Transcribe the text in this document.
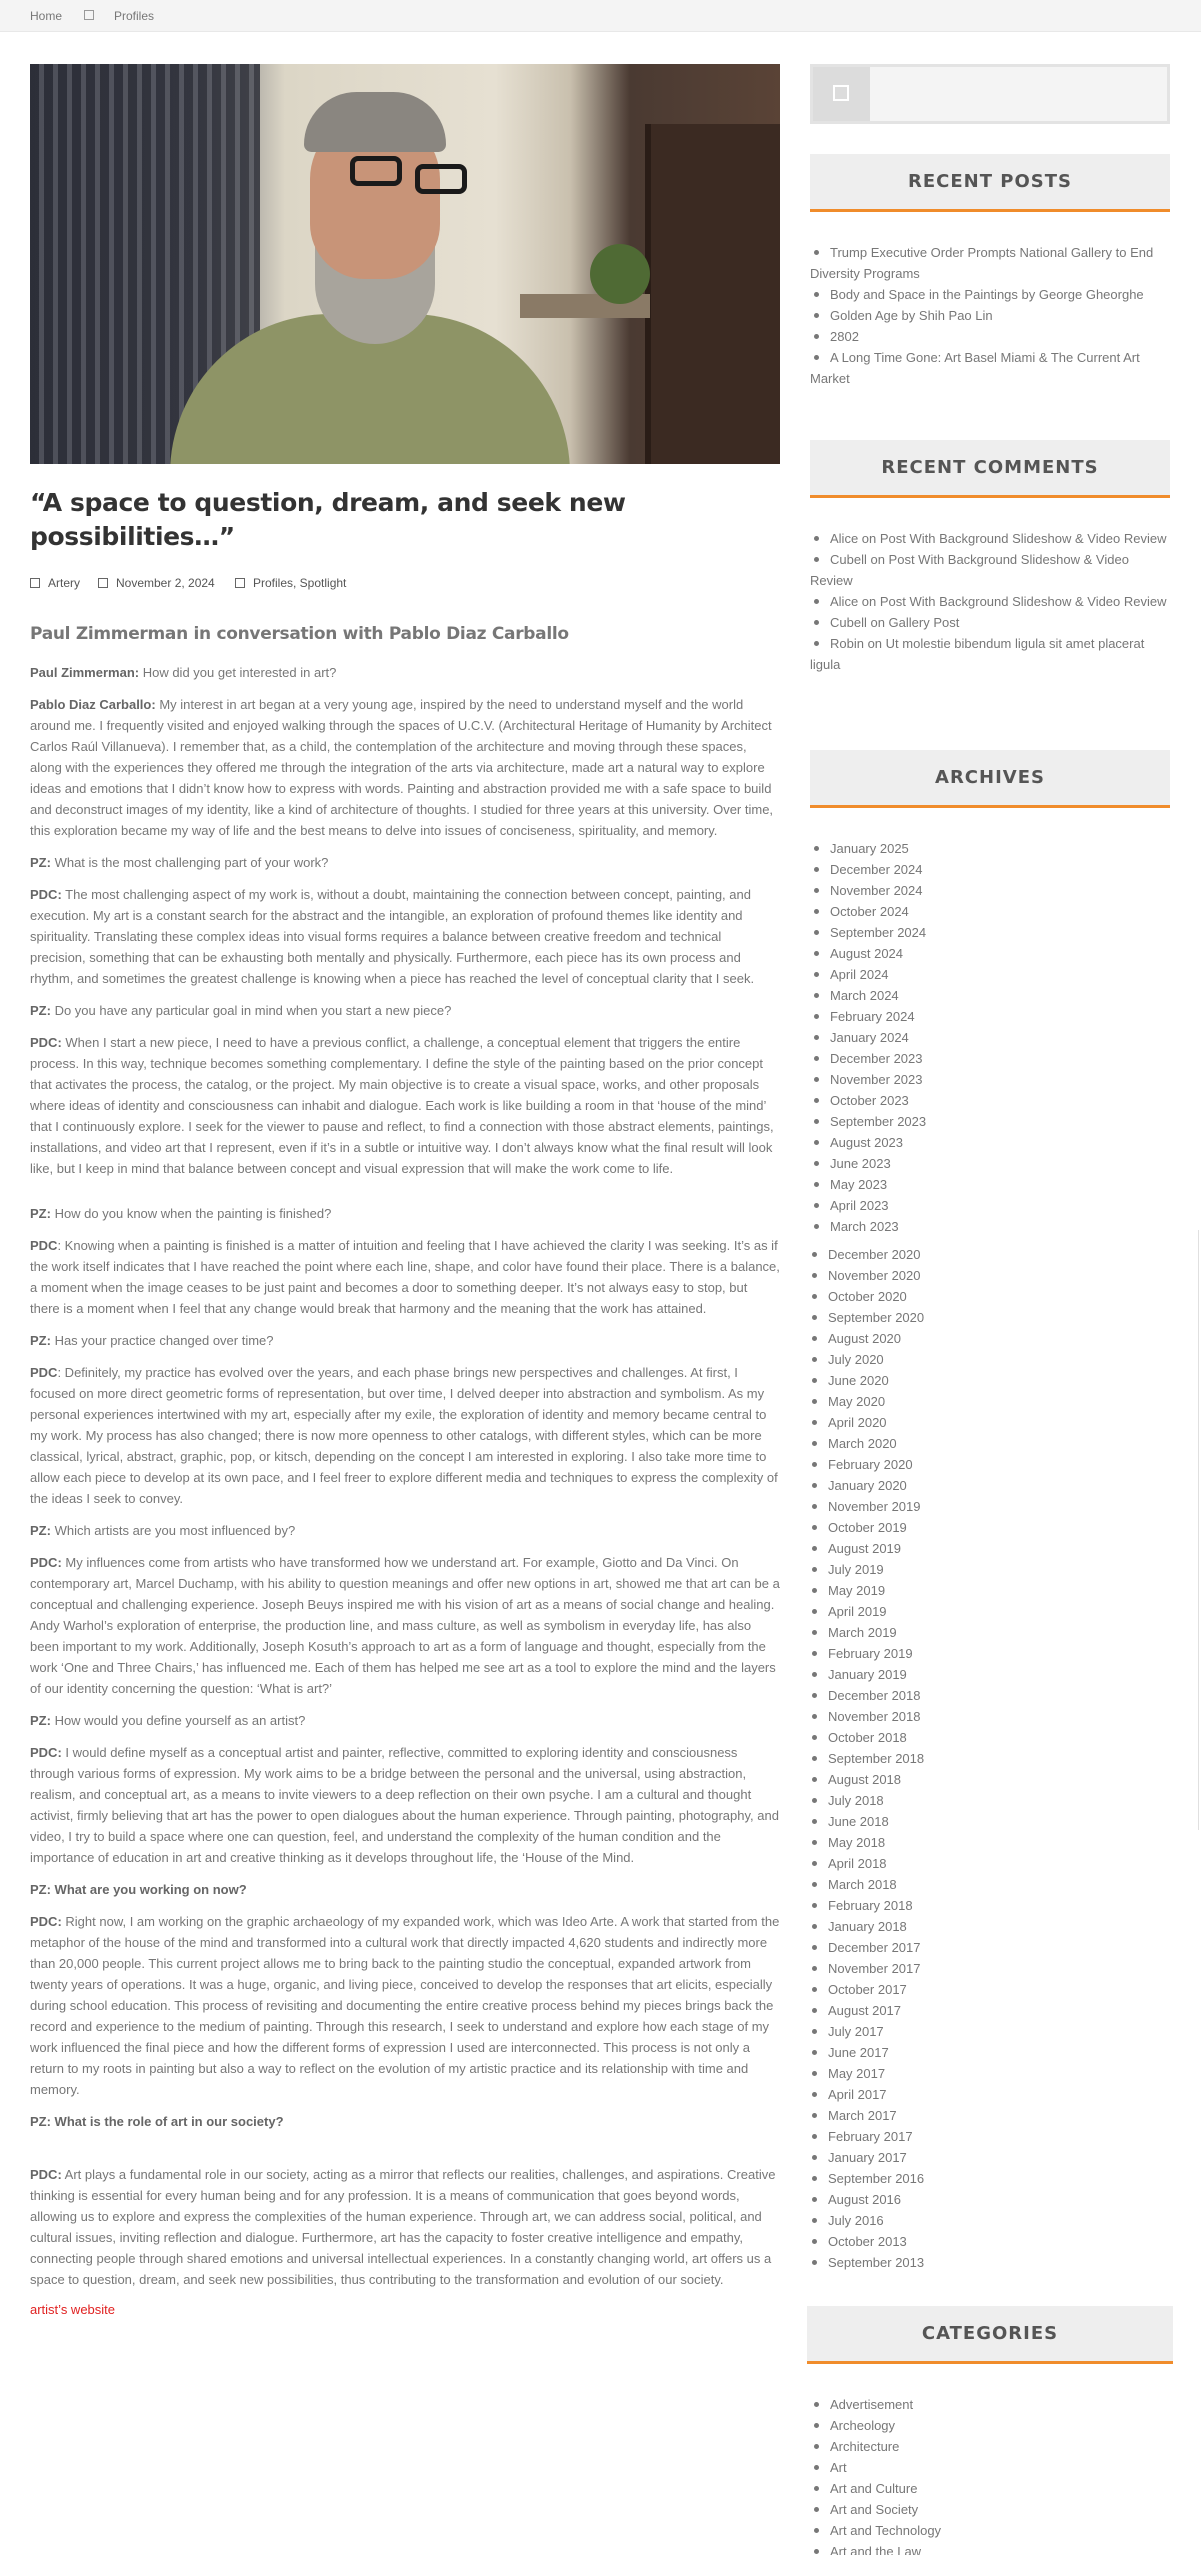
Home	Profiles
“A space to question, dream, and seek new possibilities…”
Artery	November 2, 2024	Profiles, Spotlight
Paul Zimmerman in conversation with Pablo Diaz Carballo

Paul Zimmerman: How did you get interested in art?

Pablo Diaz Carballo: My interest in art began at a very young age, inspired by the need to understand myself and the world around me. I frequently visited and enjoyed walking through the spaces of U.C.V. (Architectural Heritage of Humanity by Architect Carlos Raúl Villanueva). I remember that, as a child, the contemplation of the architecture and moving through these spaces, along with the experiences they offered me through the integration of the arts via architecture, made art a natural way to explore ideas and emotions that I didn’t know how to express with words. Painting and abstraction provided me with a safe space to build and deconstruct images of my identity, like a kind of architecture of thoughts. I studied for three years at this university. Over time, this exploration became my way of life and the best means to delve into issues of conciseness, spirituality, and memory.

PZ: What is the most challenging part of your work?

PDC: The most challenging aspect of my work is, without a doubt, maintaining the connection between concept, painting, and execution. My art is a constant search for the abstract and the intangible, an exploration of profound themes like identity and spirituality. Translating these complex ideas into visual forms requires a balance between creative freedom and technical precision, something that can be exhausting both mentally and physically. Furthermore, each piece has its own process and rhythm, and sometimes the greatest challenge is knowing when a piece has reached the level of conceptual clarity that I seek.

PZ: Do you have any particular goal in mind when you start a new piece?

PDC: When I start a new piece, I need to have a previous conflict, a challenge, a conceptual element that triggers the entire process. In this way, technique becomes something complementary. I define the style of the painting based on the prior concept that activates the process, the catalog, or the project. My main objective is to create a visual space, works, and other proposals where ideas of identity and consciousness can inhabit and dialogue. Each work is like building a room in that ‘house of the mind’ that I continuously explore. I seek for the viewer to pause and reflect, to find a connection with those abstract elements, paintings, installations, and video art that I represent, even if it’s in a subtle or intuitive way. I don’t always know what the final result will look like, but I keep in mind that balance between concept and visual expression that will make the work come to life.

PZ: How do you know when the painting is finished?

PDC: Knowing when a painting is finished is a matter of intuition and feeling that I have achieved the clarity I was seeking. It’s as if the work itself indicates that I have reached the point where each line, shape, and color have found their place. There is a balance, a moment when the image ceases to be just paint and becomes a door to something deeper. It’s not always easy to stop, but there is a moment when I feel that any change would break that harmony and the meaning that the work has attained.

PZ: Has your practice changed over time?

PDC: Definitely, my practice has evolved over the years, and each phase brings new perspectives and challenges. At first, I focused on more direct geometric forms of representation, but over time, I delved deeper into abstraction and symbolism. As my personal experiences intertwined with my art, especially after my exile, the exploration of identity and memory became central to my work. My process has also changed; there is now more openness to other catalogs, with different styles, which can be more classical, lyrical, abstract, graphic, pop, or kitsch, depending on the concept I am interested in exploring. I also take more time to allow each piece to develop at its own pace, and I feel freer to explore different media and techniques to express the complexity of the ideas I seek to convey.

PZ: Which artists are you most influenced by?

PDC: My influences come from artists who have transformed how we understand art. For example, Giotto and Da Vinci. On contemporary art, Marcel Duchamp, with his ability to question meanings and offer new options in art, showed me that art can be a conceptual and challenging experience. Joseph Beuys inspired me with his vision of art as a means of social change and healing. Andy Warhol’s exploration of enterprise, the production line, and mass culture, as well as symbolism in everyday life, has also been important to my work. Additionally, Joseph Kosuth’s approach to art as a form of language and thought, especially from the work ‘One and Three Chairs,’ has influenced me. Each of them has helped me see art as a tool to explore the mind and the layers of our identity concerning the question: ‘What is art?’

PZ: How would you define yourself as an artist?

PDC: I would define myself as a conceptual artist and painter, reflective, committed to exploring identity and consciousness through various forms of expression. My work aims to be a bridge between the personal and the universal, using abstraction, realism, and conceptual art, as a means to invite viewers to a deep reflection on their own psyche. I am a cultural and thought activist, firmly believing that art has the power to open dialogues about the human experience. Through painting, photography, and video, I try to build a space where one can question, feel, and understand the complexity of the human condition and the importance of education in art and creative thinking as it develops throughout life, the ‘House of the Mind.

PZ: What are you working on now?

PDC: Right now, I am working on the graphic archaeology of my expanded work, which was Ideo Arte. A work that started from the metaphor of the house of the mind and transformed into a cultural work that directly impacted 4,620 students and indirectly more than 20,000 people. This current project allows me to bring back to the painting studio the conceptual, expanded artwork from twenty years of operations. It was a huge, organic, and living piece, conceived to develop the responses that art elicits, especially during school education. This process of revisiting and documenting the entire creative process behind my pieces brings back the record and experience to the medium of painting. Through this research, I seek to understand and explore how each stage of my work influenced the final piece and how the different forms of expression I used are interconnected. This process is not only a return to my roots in painting but also a way to reflect on the evolution of my artistic practice and its relationship with time and memory.

PZ: What is the role of art in our society?

PDC: Art plays a fundamental role in our society, acting as a mirror that reflects our realities, challenges, and aspirations. Creative thinking is essential for every human being and for any profession. It is a means of communication that goes beyond words, allowing us to explore and express the complexities of the human experience. Through art, we can address social, political, and cultural issues, inviting reflection and dialogue. Furthermore, art has the capacity to foster creative intelligence and empathy, connecting people through shared emotions and universal intellectual experiences. In a constantly changing world, art offers us a space to question, dream, and seek new possibilities, thus contributing to the transformation and evolution of our society.

artist’s website
RECENT POSTS
Trump Executive Order Prompts National Gallery to End Diversity Programs
Body and Space in the Paintings by George Gheorghe
Golden Age by Shih Pao Lin
2802
A Long Time Gone: Art Basel Miami & The Current Art Market
RECENT COMMENTS
Alice on Post With Background Slideshow & Video Review
Cubell on Post With Background Slideshow & Video Review
Alice on Post With Background Slideshow & Video Review
Cubell on Gallery Post
Robin on Ut molestie bibendum ligula sit amet placerat ligula
ARCHIVES
January 2025
December 2024
November 2024
October 2024
September 2024
August 2024
April 2024
March 2024
February 2024
January 2024
December 2023
November 2023
October 2023
September 2023
August 2023
June 2023
May 2023
April 2023
March 2023
December 2020
November 2020
October 2020
September 2020
August 2020
July 2020
June 2020
May 2020
April 2020
March 2020
February 2020
January 2020
November 2019
October 2019
August 2019
July 2019
May 2019
April 2019
March 2019
February 2019
January 2019
December 2018
November 2018
October 2018
September 2018
August 2018
July 2018
June 2018
May 2018
April 2018
March 2018
February 2018
January 2018
December 2017
November 2017
October 2017
August 2017
July 2017
June 2017
May 2017
April 2017
March 2017
February 2017
January 2017
September 2016
August 2016
July 2016
October 2013
September 2013
CATEGORIES
Advertisement
Archeology
Architecture
Art
Art and Culture
Art and Society
Art and Technology
Art and the Law
